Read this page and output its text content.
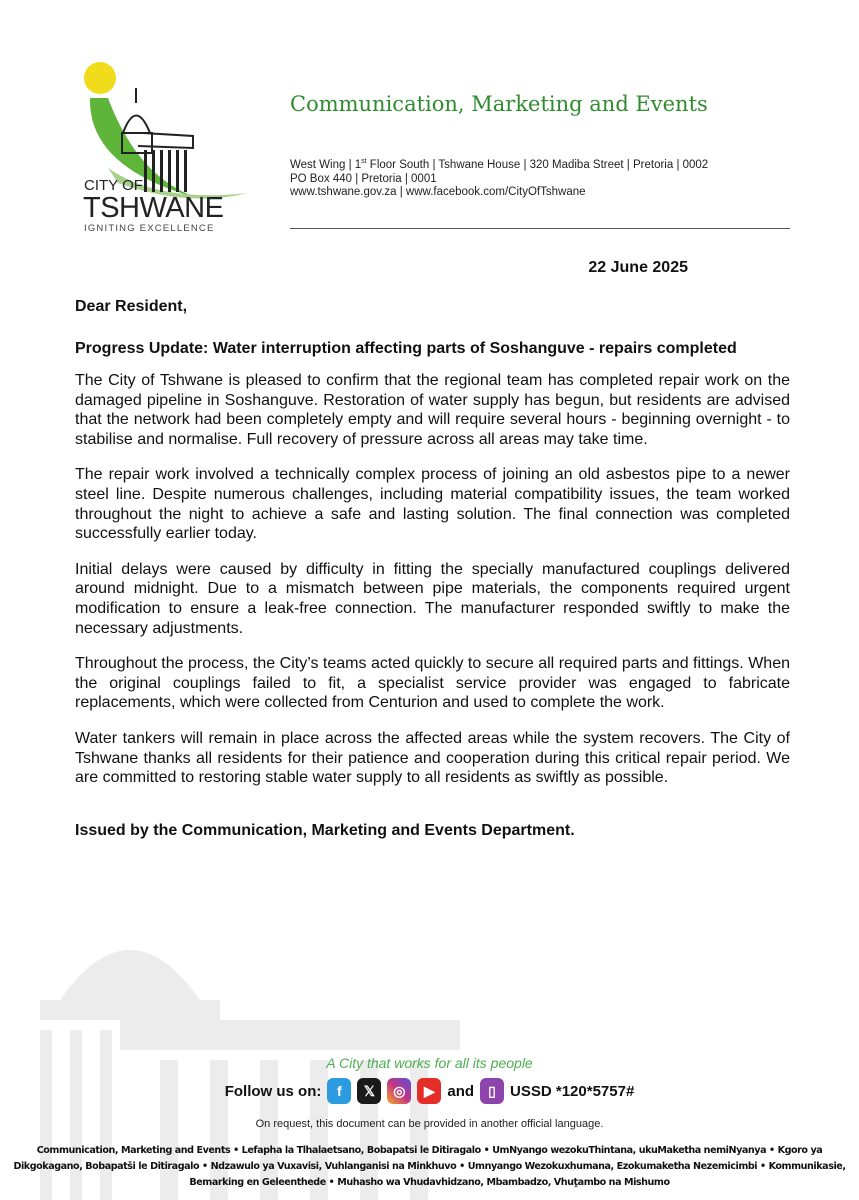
CITY OF
TSHWANE
IGNITING EXCELLENCE
Communication, Marketing and Events
West Wing | 1st Floor South | Tshwane House | 320 Madiba Street | Pretoria | 0002
PO Box 440 | Pretoria | 0001
www.tshwane.gov.za | www.facebook.com/CityOfTshwane
22 June 2025
Dear Resident,
Progress Update: Water interruption affecting parts of Soshanguve - repairs completed

The City of Tshwane is pleased to confirm that the regional team has completed repair work on the damaged pipeline in Soshanguve. Restoration of water supply has begun, but residents are advised that the network had been completely empty and will require several hours - beginning overnight - to stabilise and normalise. Full recovery of pressure across all areas may take time.

The repair work involved a technically complex process of joining an old asbestos pipe to a newer steel line. Despite numerous challenges, including material compatibility issues, the team worked throughout the night to achieve a safe and lasting solution. The final connection was completed successfully earlier today.

Initial delays were caused by difficulty in fitting the specially manufactured couplings delivered around midnight. Due to a mismatch between pipe materials, the components required urgent modification to ensure a leak-free connection. The manufacturer responded swiftly to make the necessary adjustments.

Throughout the process, the City’s teams acted quickly to secure all required parts and fittings. When the original couplings failed to fit, a specialist service provider was engaged to fabricate replacements, which were collected from Centurion and used to complete the work.

Water tankers will remain in place across the affected areas while the system recovers. The City of Tshwane thanks all residents for their patience and cooperation during this critical repair period. We are committed to restoring stable water supply to all residents as swiftly as possible.

Issued by the Communication, Marketing and Events Department.
A City that works for all its people
Follow us on:	f	𝕏	◎	▶ and	▯ USSD *120*5757#
On request, this document can be provided in another official language.
Communication, Marketing and Events • Lefapha la Tlhalaetsano, Bobapatsi le Ditiragalo • UmNyango wezokuThintana, ukuMaketha nemiNyanya • Kgoro ya Dikgokagano, Bobapatši le Ditiragalo • Ndzawulo ya Vuxavisi, Vuhlanganisi na Minkhuvo • Umnyango Wezokuxhumana, Ezokumaketha Nezemicimbi • Kommunikasie, Bemarking en Geleenthede • Muhasho wa Vhudavhidzano, Mbambadzo, Vhuṱambo na Mishumo
